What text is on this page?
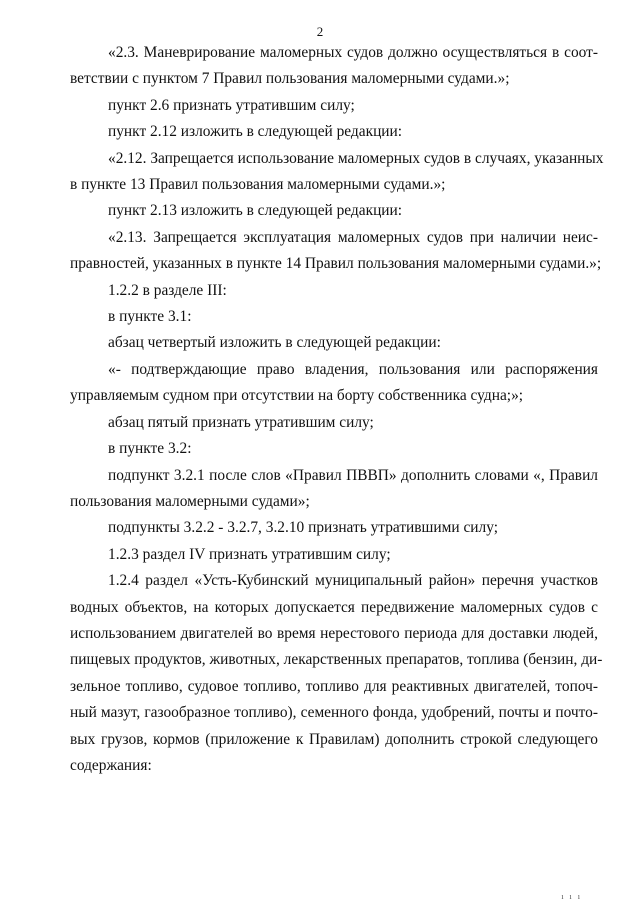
2
«2.3. Маневрирование маломерных судов должно осуществляться в соот-
ветствии с пунктом 7 Правил пользования маломерными судами.»;
пункт 2.6 признать утратившим силу;
пункт 2.12 изложить в следующей редакции:
«2.12. Запрещается использование маломерных судов в случаях, указанных
в пункте 13 Правил пользования маломерными судами.»;
пункт 2.13 изложить в следующей редакции:
«2.13. Запрещается эксплуатация маломерных судов при наличии неис-
правностей, указанных в пункте 14 Правил пользования маломерными судами.»;
1.2.2 в разделе III:
в пункте 3.1:
абзац четвертый изложить в следующей редакции:
«- подтверждающие право владения, пользования или распоряжения
управляемым судном при отсутствии на борту собственника судна;»;
абзац пятый признать утратившим силу;
в пункте 3.2:
подпункт 3.2.1 после слов «Правил ПВВП» дополнить словами «, Правил
пользования маломерными судами»;
подпункты 3.2.2 - 3.2.7, 3.2.10 признать утратившими силу;
1.2.3 раздел IV признать утратившим силу;
1.2.4 раздел «Усть-Кубинский муниципальный район» перечня участков
водных объектов, на которых допускается передвижение маломерных судов с
использованием двигателей во время нерестового периода для доставки людей,
пищевых продуктов, животных, лекарственных препаратов, топлива (бензин, ди-
зельное топливо, судовое топливо, топливо для реактивных двигателей, топоч-
ный мазут, газообразное топливо), семенного фонда, удобрений, почты и почто-
вых грузов, кормов (приложение к Правилам) дополнить строкой следующего
содержания:
ı ı ı
